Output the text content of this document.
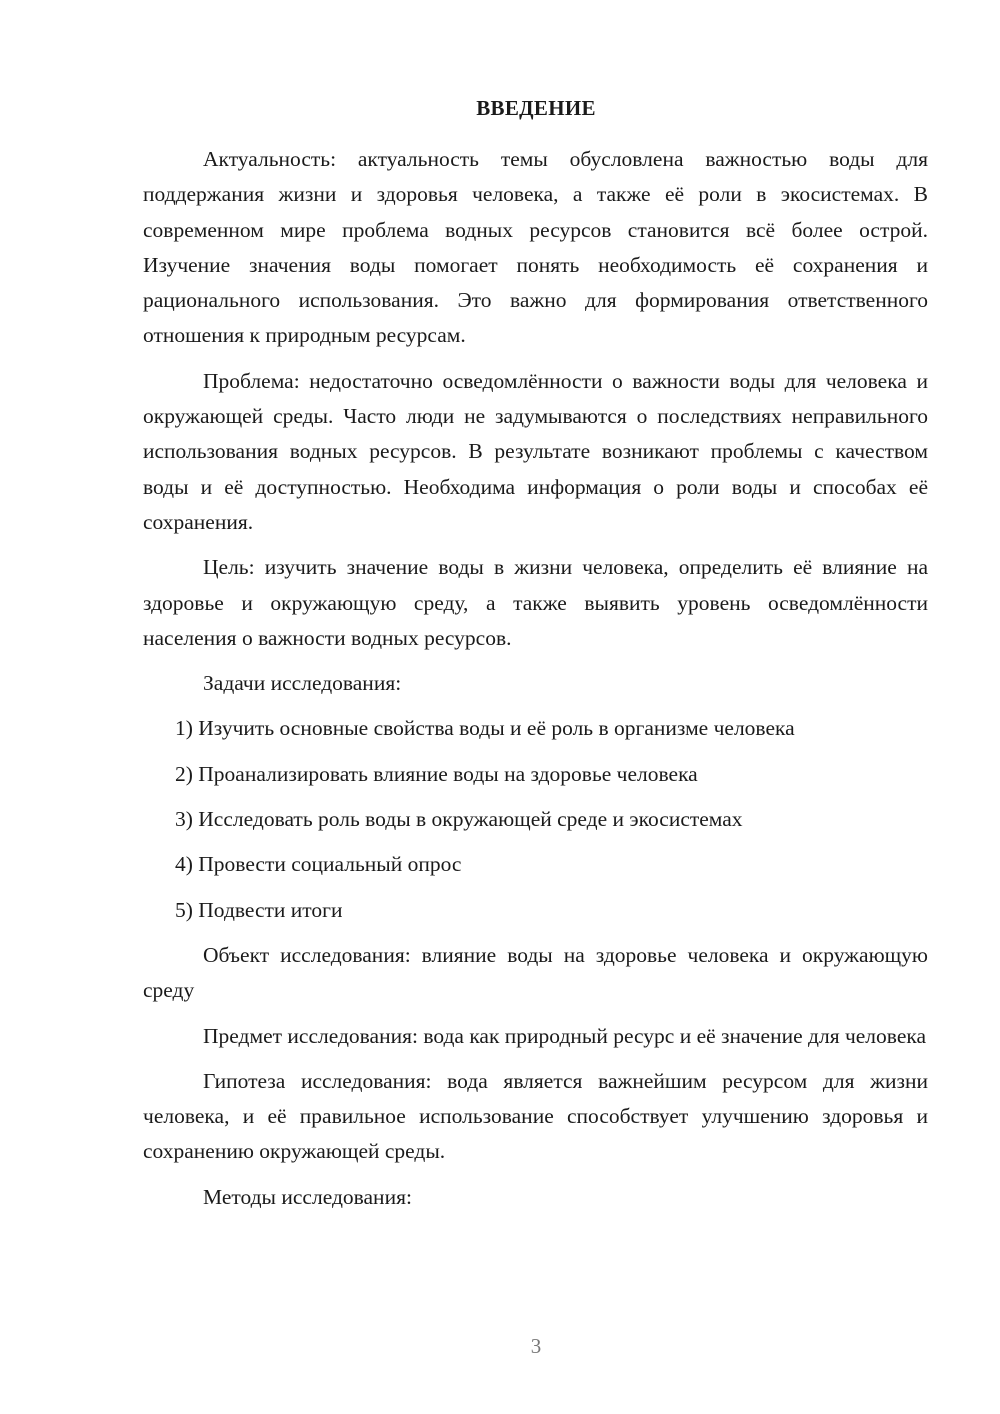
ВВЕДЕНИЕ

Актуальность: актуальность темы обусловлена важностью воды для поддержания жизни и здоровья человека, а также её роли в экосистемах. В современном мире проблема водных ресурсов становится всё более острой. Изучение значения воды помогает понять необходимость её сохранения и рационального использования. Это важно для формирования ответственного отношения к природным ресурсам.

Проблема: недостаточно осведомлённости о важности воды для человека и окружающей среды. Часто люди не задумываются о последствиях неправильного использования водных ресурсов. В результате возникают проблемы с качеством воды и её доступностью. Необходима информация о роли воды и способах её сохранения.

Цель: изучить значение воды в жизни человека, определить её влияние на здоровье и окружающую среду, а также выявить уровень осведомлённости населения о важности водных ресурсов.

Задачи исследования:

1) Изучить основные свойства воды и её роль в организме человека

2) Проанализировать влияние воды на здоровье человека

3) Исследовать роль воды в окружающей среде и экосистемах

4) Провести социальный опрос

5) Подвести итоги

Объект исследования: влияние воды на здоровье человека и окружающую среду

Предмет исследования: вода как природный ресурс и её значение для человека

Гипотеза исследования: вода является важнейшим ресурсом для жизни человека, и её правильное использование способствует улучшению здоровья и сохранению окружающей среды.

Методы исследования:

3
